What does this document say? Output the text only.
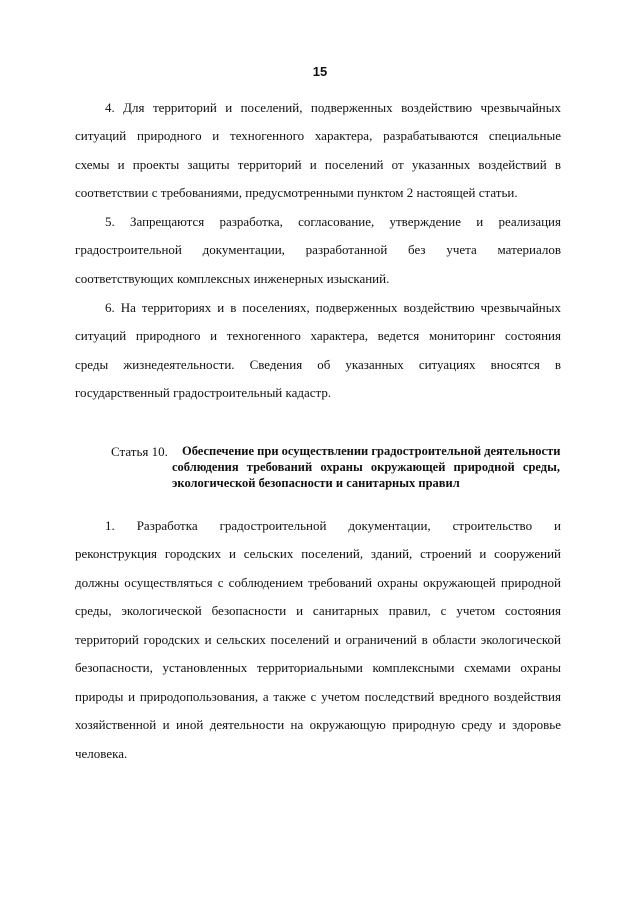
15
4. Для территорий и поселений, подверженных воздействию чрезвычайных
ситуаций природного и техногенного характера, разрабатываются специальные
схемы и проекты защиты территорий и поселений от указанных воздействий в
соответствии с требованиями, предусмотренными пунктом 2 настоящей статьи.
5. Запрещаются разработка, согласование, утверждение и реализация
градостроительной документации, разработанной без учета материалов
соответствующих комплексных инженерных изысканий.
6. На территориях и в поселениях, подверженных воздействию чрезвычайных
ситуаций природного и техногенного характера, ведется мониторинг состояния
среды жизнедеятельности. Сведения об указанных ситуациях вносятся в
государственный градостроительный кадастр.
Статья 10. Обеспечение при осуществлении градостроительной деятельности
соблюдения требований охраны окружающей природной среды,
экологической безопасности и санитарных правил
1. Разработка градостроительной документации, строительство и
реконструкция городских и сельских поселений, зданий, строений и сооружений
должны осуществляться с соблюдением требований охраны окружающей природной
среды, экологической безопасности и санитарных правил, с учетом состояния
территорий городских и сельских поселений и ограничений в области экологической
безопасности, установленных территориальными комплексными схемами охраны
природы и природопользования, а также с учетом последствий вредного воздействия
хозяйственной и иной деятельности на окружающую природную среду и здоровье
человека.
